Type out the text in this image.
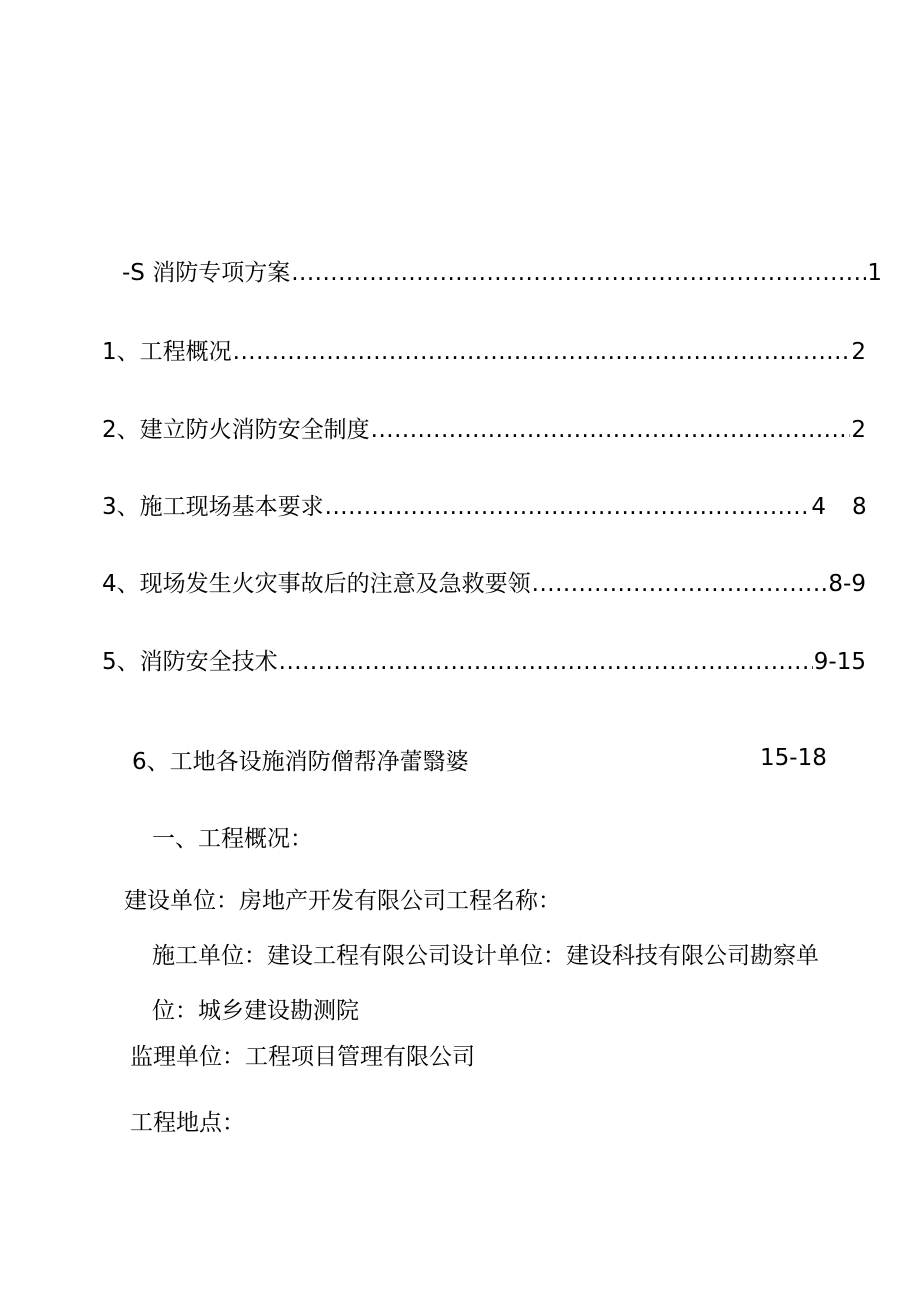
-S 消防专项方案 .....	1
1、工程概况 .....	2
2、建立防火消防安全制度 .....	2
3、施工现场基本要求 .....	4 8
4、现场发生火灾事故后的注意及急救要领 .....	8-9
5、消防安全技术 .....	9-15
6、工地各设施消防僧帮净蕾翳婆	15-18
一、工程概况：
建设单位：房地产开发有限公司工程名称：
施工单位：建设工程有限公司设计单位：建设科技有限公司勘察单
位：城乡建设勘测院
监理单位：工程项目管理有限公司
工程地点：
